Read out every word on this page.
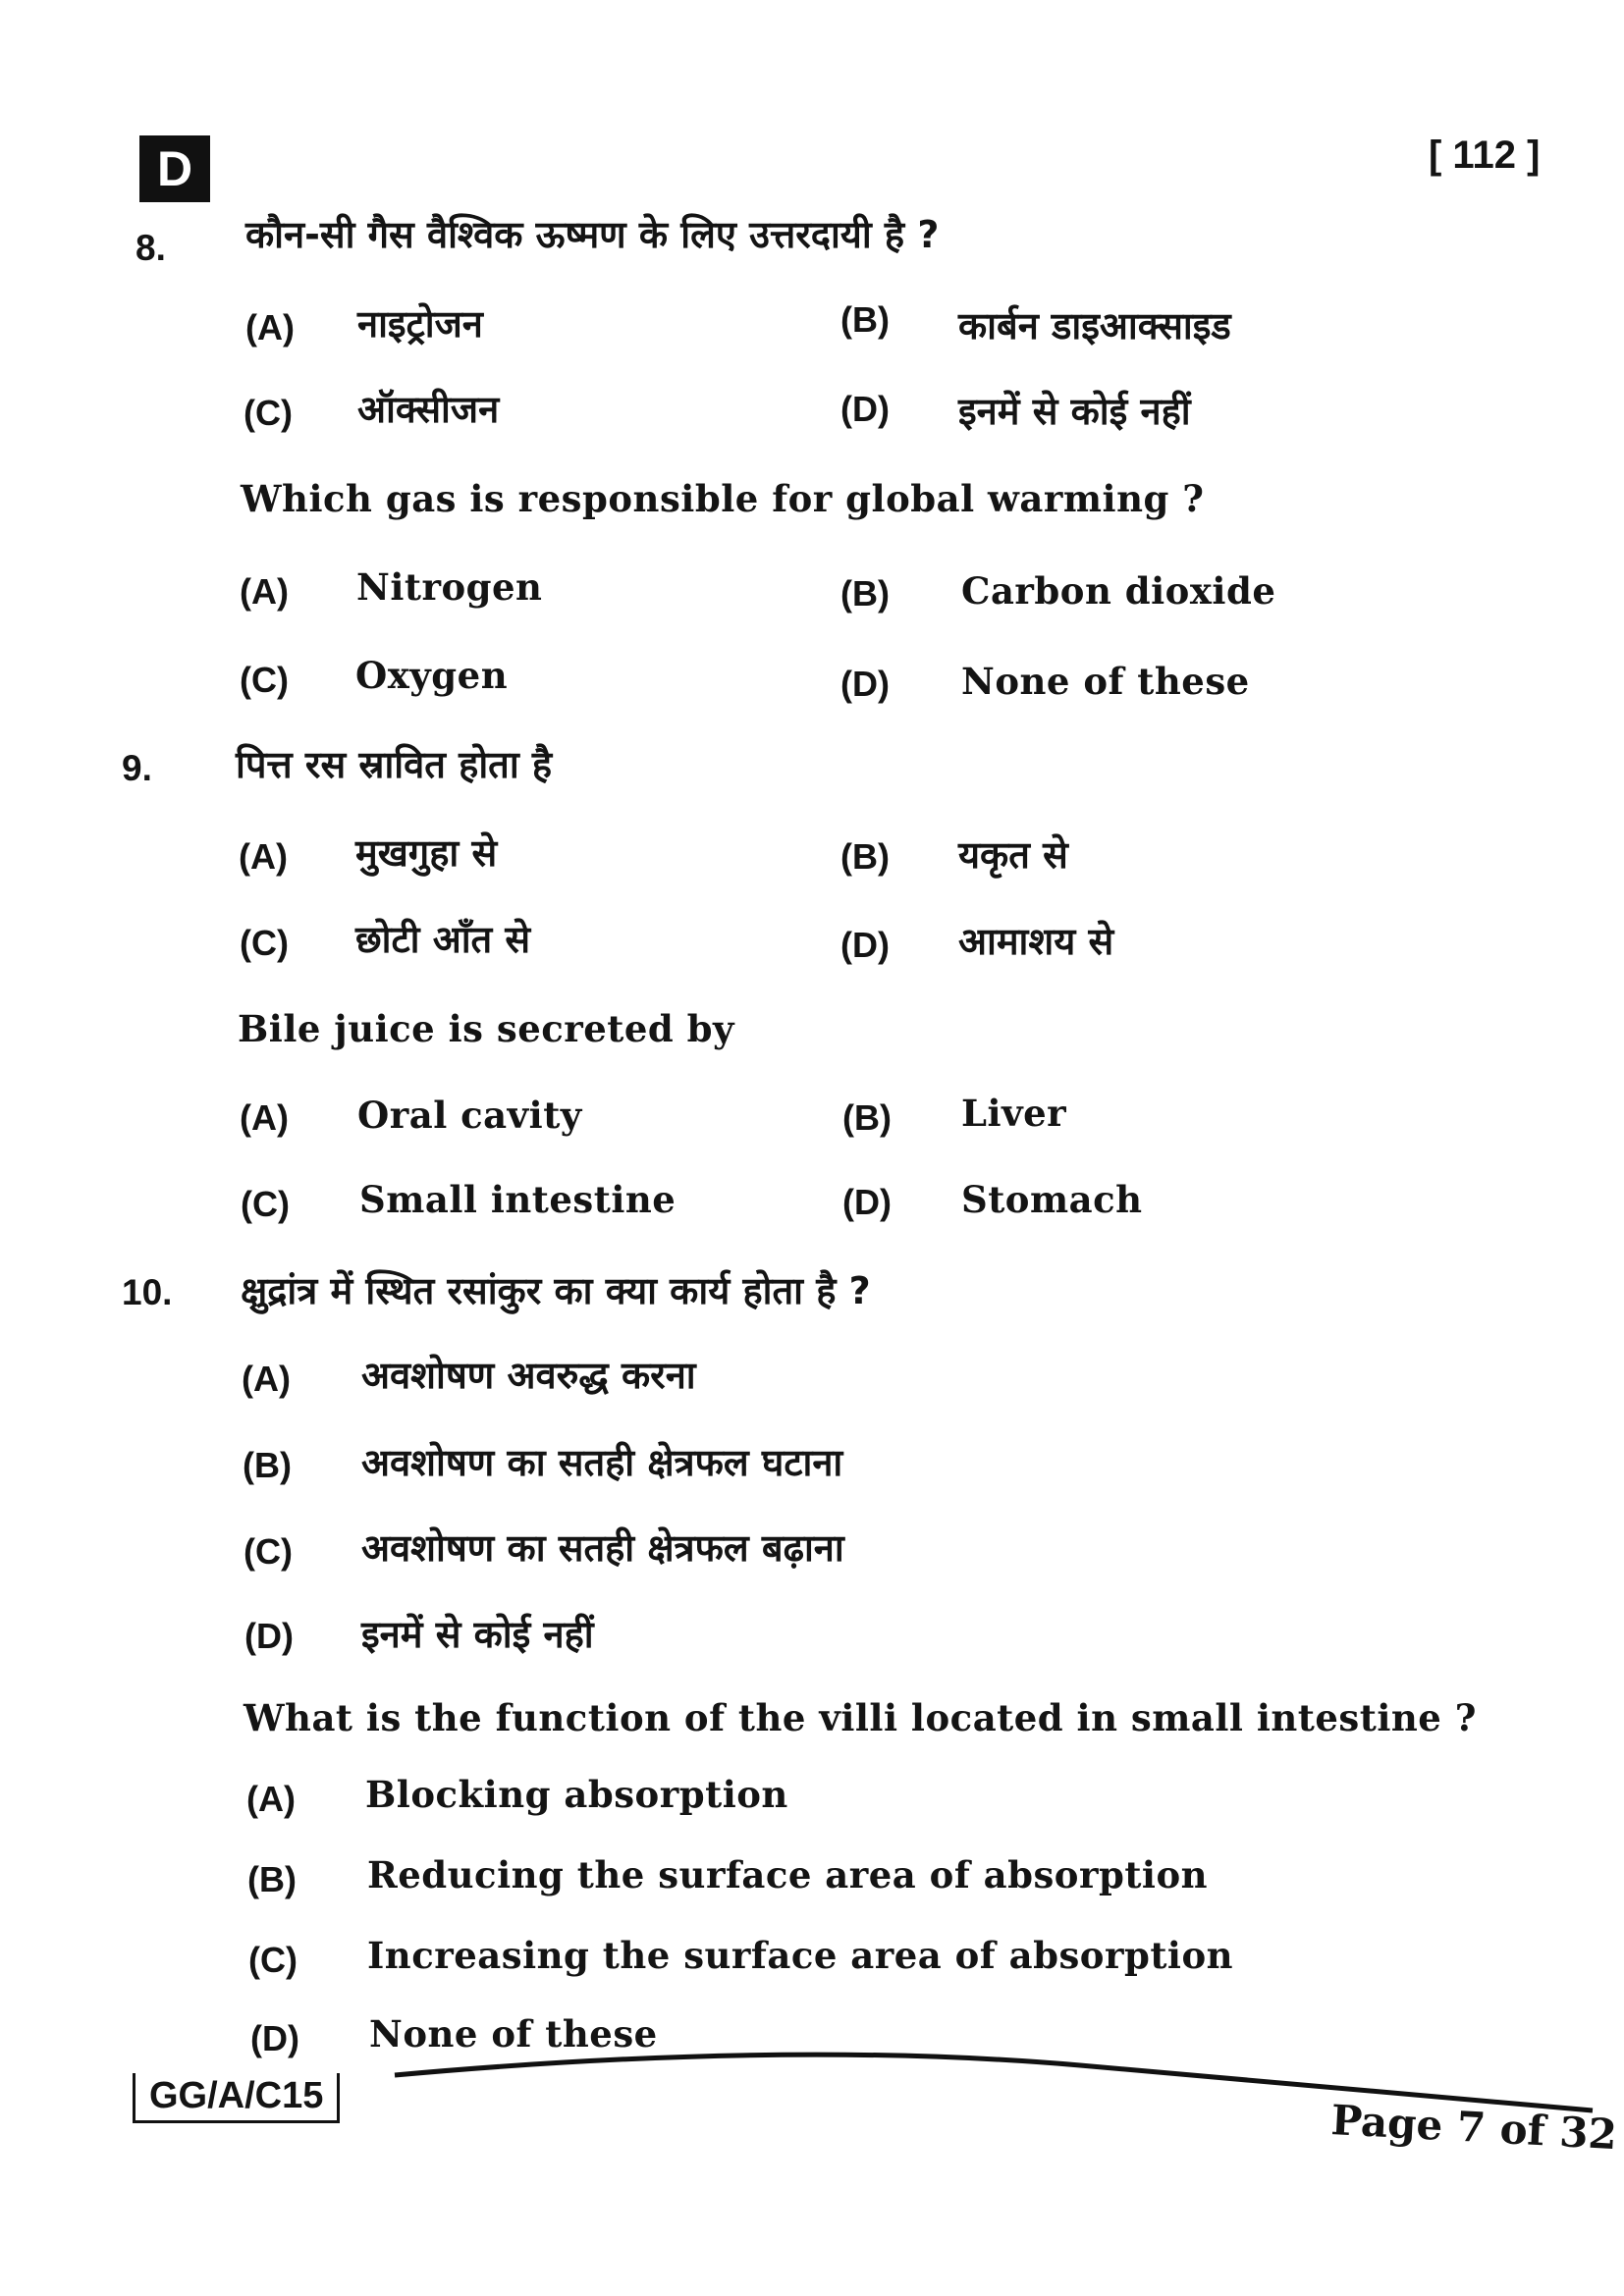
D	[ 112 ]
8. कौन-सी गैस वैश्विक ऊष्मण के लिए उत्तरदायी है ?
(A) नाइट्रोजन	(B) कार्बन डाइआक्साइड
(C) ऑक्सीजन	(D) इनमें से कोई नहीं
Which gas is responsible for global warming ?
(A) Nitrogen	(B) Carbon dioxide
(C) Oxygen	(D) None of these
9. पित्त रस स्रावित होता है
(A) मुखगुहा से	(B) यकृत से
(C) छोटी आँत से	(D) आमाशय से
Bile juice is secreted by
(A) Oral cavity	(B) Liver
(C) Small intestine	(D) Stomach
10. क्षुद्रांत्र में स्थित रसांकुर का क्या कार्य होता है ?
(A) अवशोषण अवरुद्ध करना
(B) अवशोषण का सतही क्षेत्रफल घटाना
(C) अवशोषण का सतही क्षेत्रफल बढ़ाना
(D) इनमें से कोई नहीं
What is the function of the villi located in small intestine ?
(A) Blocking absorption
(B) Reducing the surface area of absorption
(C) Increasing the surface area of absorption
(D) None of these
GG/A/C15	Page 7 of 32
